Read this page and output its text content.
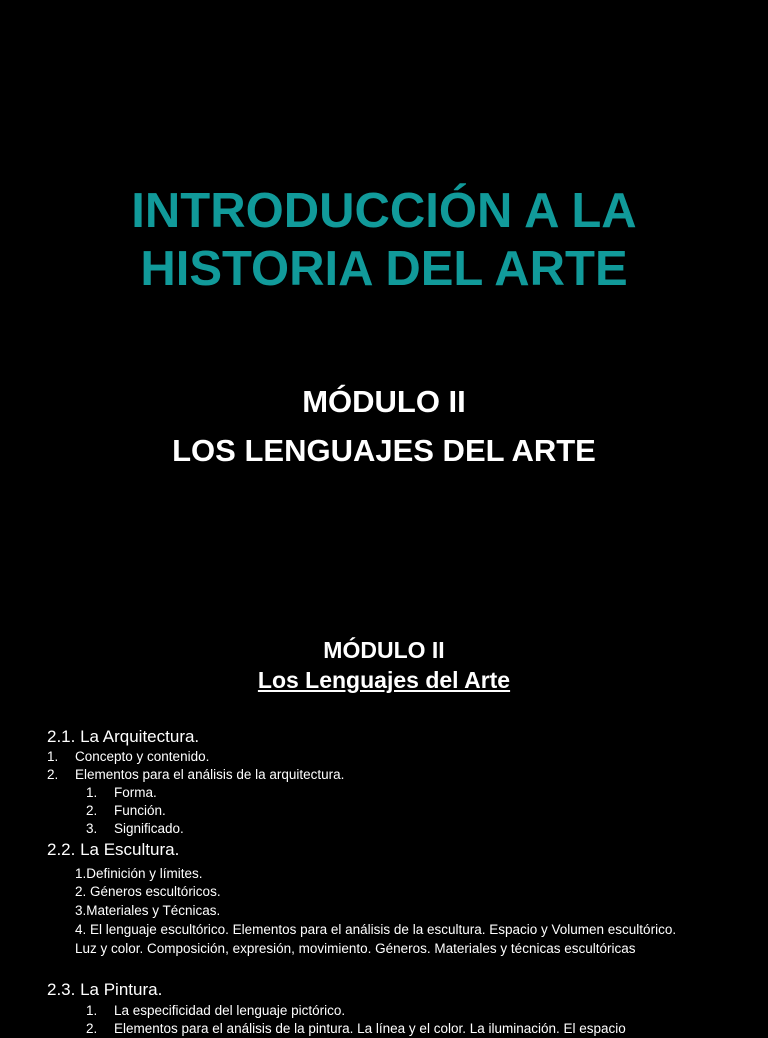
INTRODUCCIÓN A LA
HISTORIA DEL ARTE

MÓDULO II

LOS LENGUAJES DEL ARTE

MÓDULO II

Los Lenguajes del Arte

2.1. La Arquitectura.
1. Concepto y contenido.
2. Elementos para el análisis de la arquitectura.
1. Forma.
2. Función.
3. Significado.
2.2. La Escultura.
1.Definición y límites.
2. Géneros escultóricos.
3.Materiales y Técnicas.
4. El lenguaje escultórico. Elementos para el análisis de la escultura. Espacio y Volumen escultórico. Luz y color. Composición, expresión, movimiento. Géneros. Materiales y técnicas escultóricas
2.3. La Pintura.
1. La especificidad del lenguaje pictórico.
2. Elementos para el análisis de la pintura. La línea y el color. La iluminación. El espacio
